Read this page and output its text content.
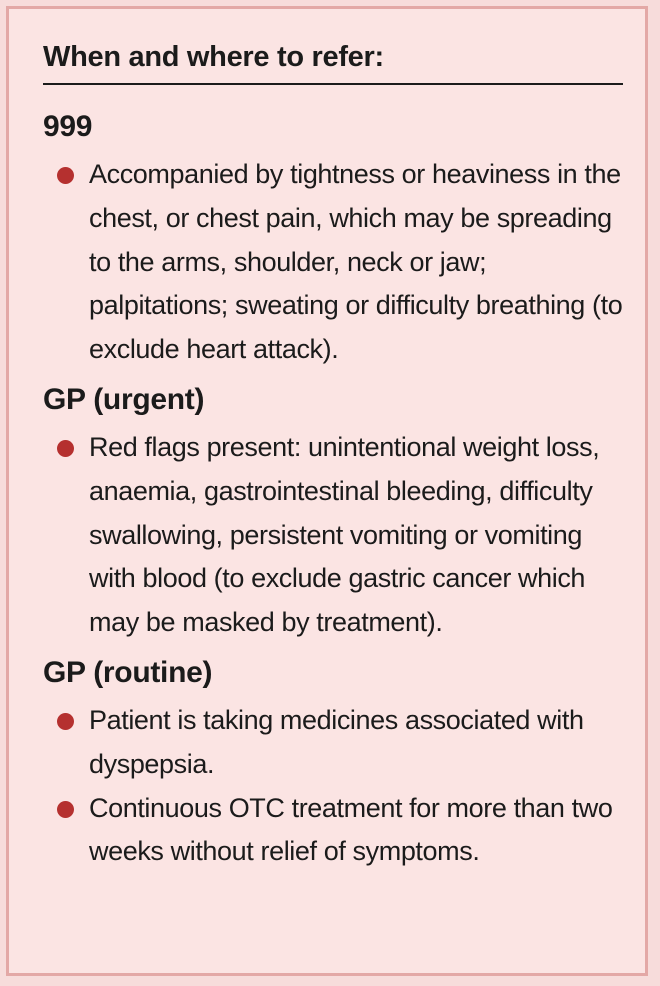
When and where to refer:
999
Accompanied by tightness or heaviness in the chest, or chest pain, which may be spreading to the arms, shoulder, neck or jaw; palpitations; sweating or difficulty breathing (to exclude heart attack).
GP (urgent)
Red flags present: unintentional weight loss, anaemia, gastrointestinal bleeding, difficulty swallowing, persistent vomiting or vomiting with blood (to exclude gastric cancer which may be masked by treatment).
GP (routine)
Patient is taking medicines associated with dyspepsia.
Continuous OTC treatment for more than two weeks without relief of symptoms.
